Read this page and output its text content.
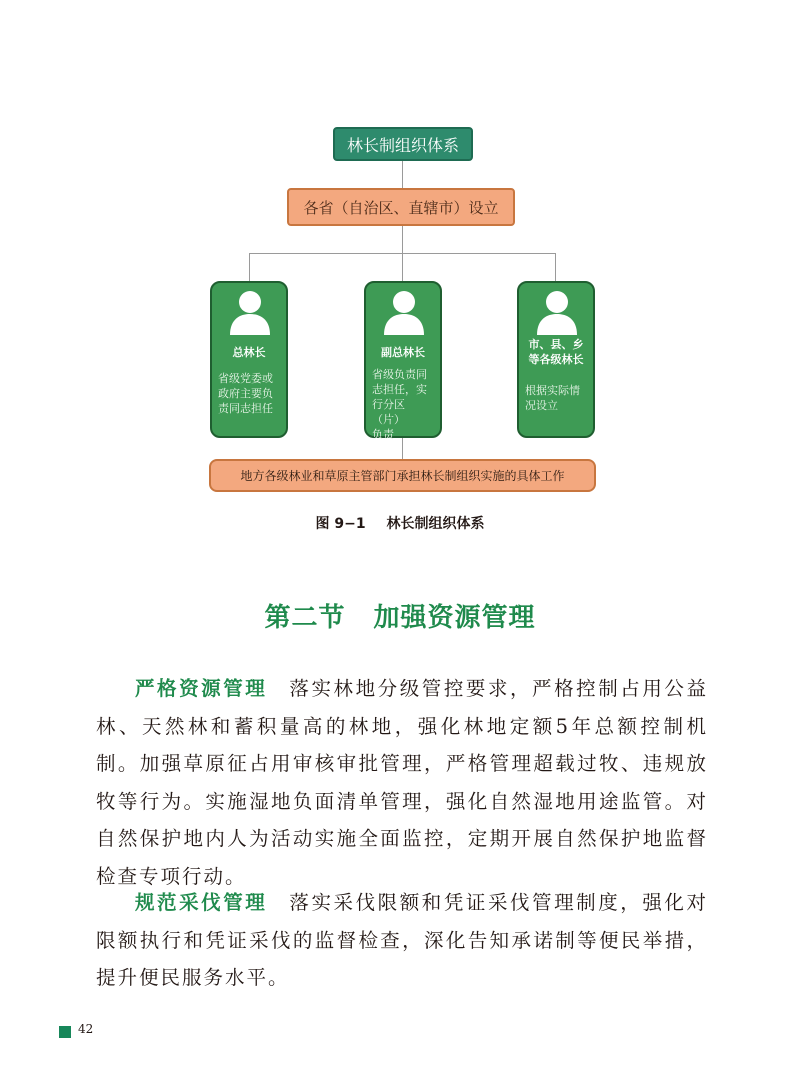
林长制组织体系
各省（自治区、直辖市）设立
总林长
省级党委或
政府主要负
责同志担任
副总林长
省级负责同
志担任，实
行分区（片）
负责
市、县、乡
等各级林长
根据实际情
况设立
地方各级林业和草原主管部门承担林长制组织实施的具体工作
图 9−1 林长制组织体系
第二节 加强资源管理
严格资源管理　 落实林地分级管控要求，严格控制占用公益林、天然林和蓄积量高的林地，强化林地定额5年总额控制机制。加强草原征占用审核审批管理，严格管理超载过牧、违规放牧等行为。实施湿地负面清单管理，强化自然湿地用途监管。对自然保护地内人为活动实施全面监控，定期开展自然保护地监督检查专项行动。
规范采伐管理　 落实采伐限额和凭证采伐管理制度，强化对限额执行和凭证采伐的监督检查，深化告知承诺制等便民举措，提升便民服务水平。
42
